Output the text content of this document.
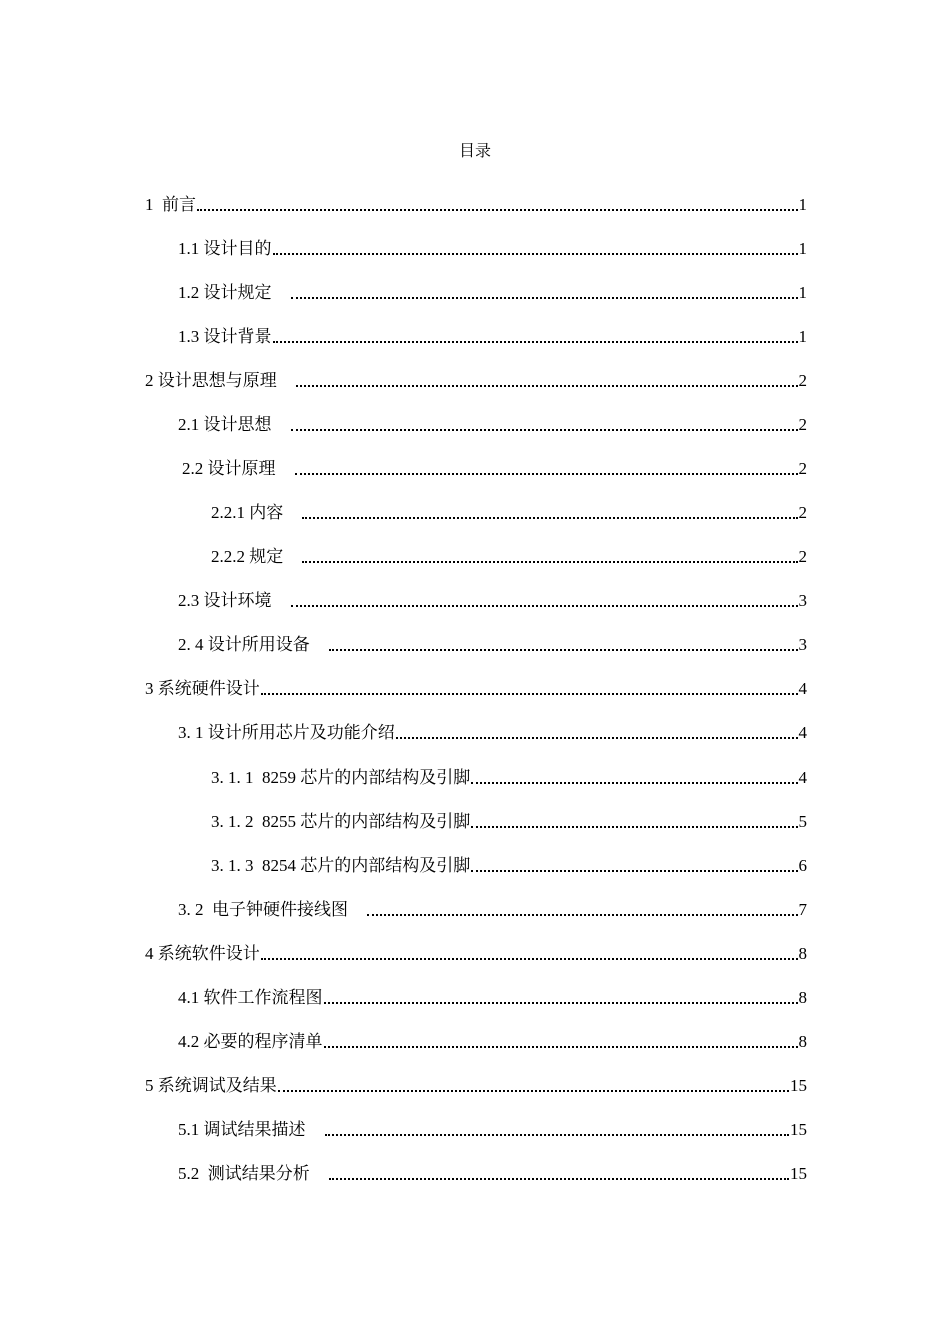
目录
1  前言	1
1.1 设计目的	1
1.2 设计规定	1
1.3 设计背景	1
2 设计思想与原理	2
2.1 设计思想	2
2.2 设计原理	2
2.2.1 内容	2
2.2.2 规定	2
2.3 设计环境	3
2. 4 设计所用设备	3
3 系统硬件设计	4
3. 1 设计所用芯片及功能介绍	4
3. 1. 1  8259 芯片的内部结构及引脚	4
3. 1. 2  8255 芯片的内部结构及引脚	5
3. 1. 3  8254 芯片的内部结构及引脚	6
3. 2  电子钟硬件接线图	7
4 系统软件设计	8
4.1 软件工作流程图	8
4.2 必要的程序清单	8
5 系统调试及结果	15
5.1 调试结果描述	15
5.2  测试结果分析	15
